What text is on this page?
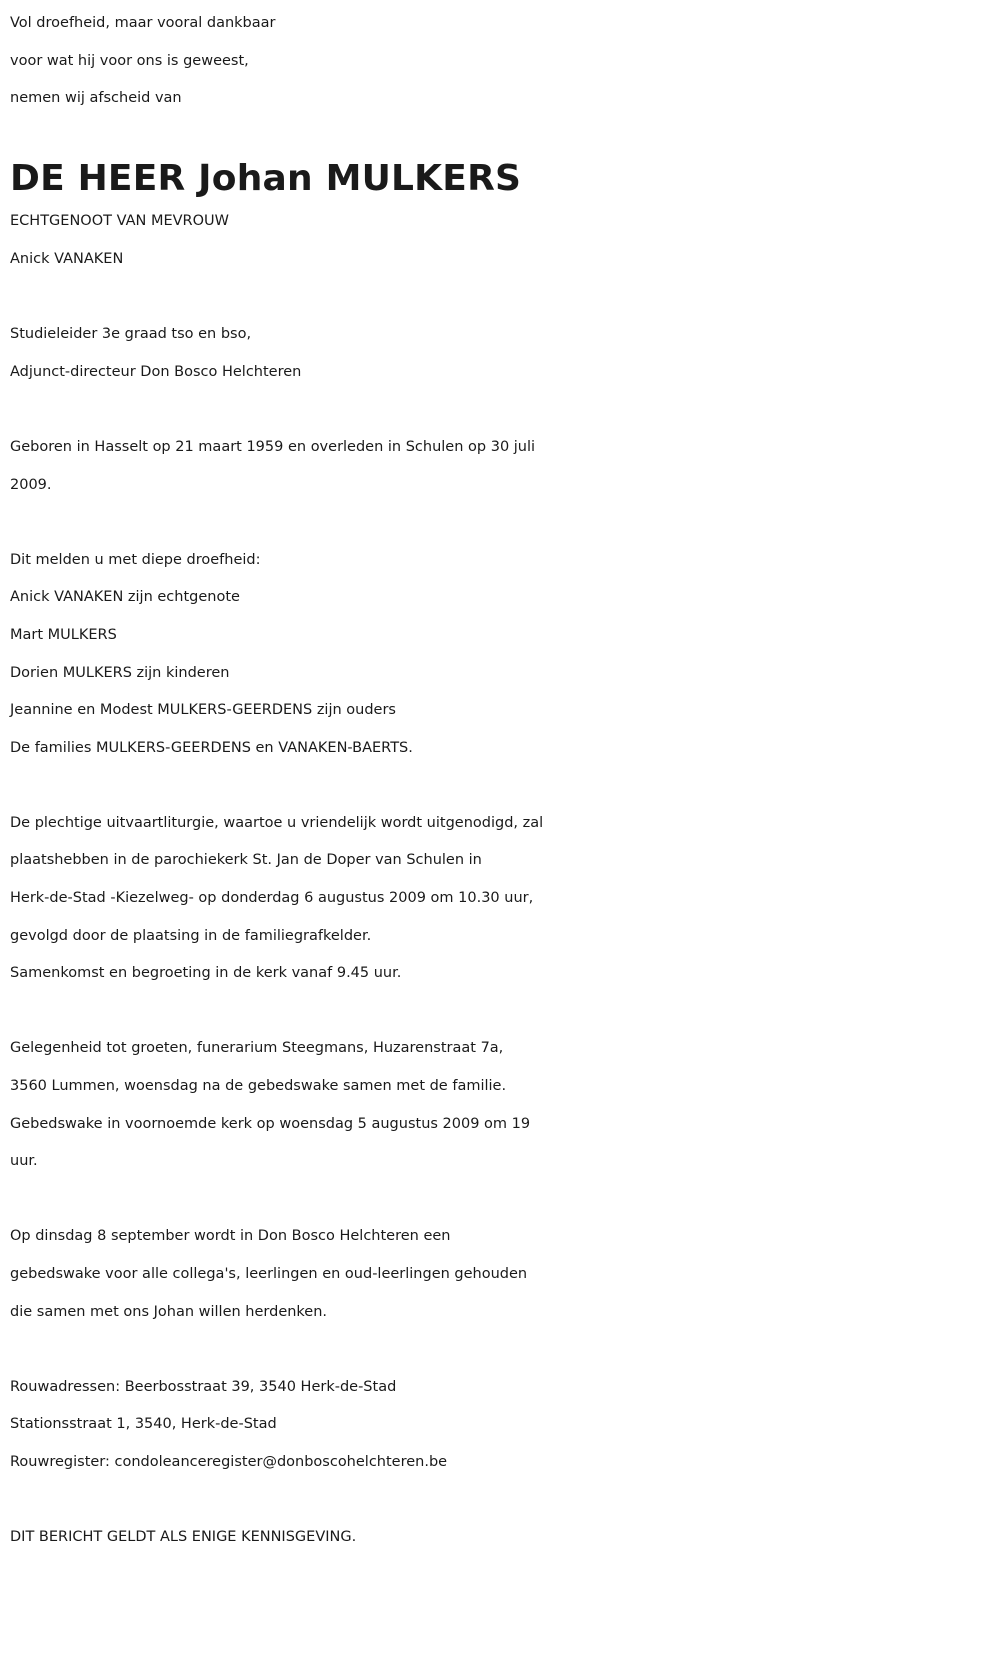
Vol droefheid, maar vooral dankbaar
voor wat hij voor ons is geweest,
nemen wij afscheid van
DE HEER Johan MULKERS
ECHTGENOOT VAN MEVROUW
Anick VANAKEN
Studieleider 3e graad tso en bso,
Adjunct-directeur Don Bosco Helchteren
Geboren in Hasselt op 21 maart 1959 en overleden in Schulen op 30 juli
2009.
Dit melden u met diepe droefheid:
Anick VANAKEN zijn echtgenote
Mart MULKERS
Dorien MULKERS zijn kinderen
Jeannine en Modest MULKERS-GEERDENS zijn ouders
De families MULKERS-GEERDENS en VANAKEN-BAERTS.
De plechtige uitvaartliturgie, waartoe u vriendelijk wordt uitgenodigd, zal
plaatshebben in de parochiekerk St. Jan de Doper van Schulen in
Herk-de-Stad -Kiezelweg- op donderdag 6 augustus 2009 om 10.30 uur,
gevolgd door de plaatsing in de familiegrafkelder.
Samenkomst en begroeting in de kerk vanaf 9.45 uur.
Gelegenheid tot groeten, funerarium Steegmans, Huzarenstraat 7a,
3560 Lummen, woensdag na de gebedswake samen met de familie.
Gebedswake in voornoemde kerk op woensdag 5 augustus 2009 om 19
uur.
Op dinsdag 8 september wordt in Don Bosco Helchteren een
gebedswake voor alle collega's, leerlingen en oud-leerlingen gehouden
die samen met ons Johan willen herdenken.
Rouwadressen: Beerbosstraat 39, 3540 Herk-de-Stad
Stationsstraat 1, 3540, Herk-de-Stad
Rouwregister: condoleanceregister@donboscohelchteren.be
DIT BERICHT GELDT ALS ENIGE KENNISGEVING.
